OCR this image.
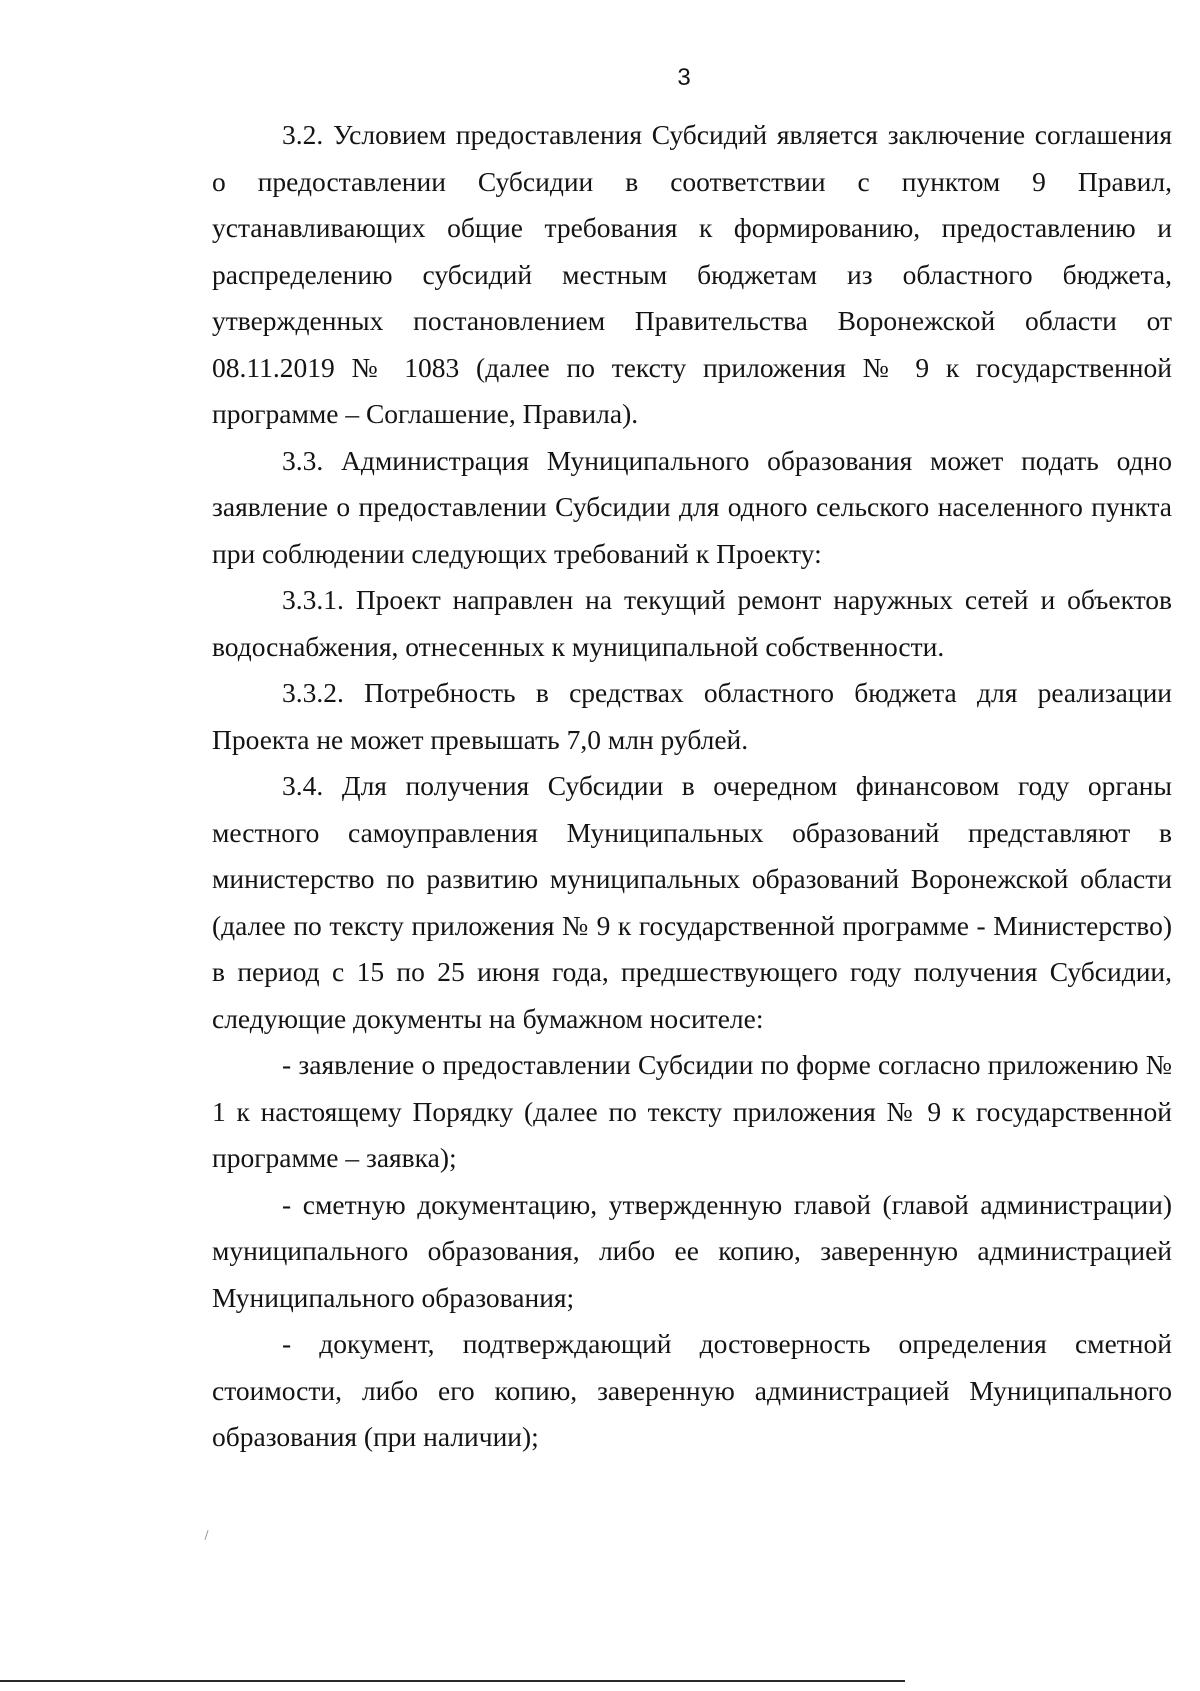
3

3.2. Условием предоставления Субсидий является заключение соглашения о предоставлении Субсидии в соответствии с пунктом 9 Правил, устанавливающих общие требования к формированию, предоставлению и распределению субсидий местным бюджетам из областного бюджета, утвержденных постановлением Правительства Воронежской области от 08.11.2019 № 1083 (далее по тексту приложения № 9 к государственной программе – Соглашение, Правила).

3.3. Администрация Муниципального образования может подать одно заявление о предоставлении Субсидии для одного сельского населенного пункта при соблюдении следующих требований к Проекту:

3.3.1. Проект направлен на текущий ремонт наружных сетей и объектов водоснабжения, отнесенных к муниципальной собственности.

3.3.2. Потребность в средствах областного бюджета для реализации Проекта не может превышать 7,0 млн рублей.

3.4. Для получения Субсидии в очередном финансовом году органы местного самоуправления Муниципальных образований представляют в министерство по развитию муниципальных образований Воронежской области (далее по тексту приложения № 9 к государственной программе - Министерство) в период с 15 по 25 июня года, предшествующего году получения Субсидии, следующие документы на бумажном носителе:

- заявление о предоставлении Субсидии по форме согласно приложению № 1 к настоящему Порядку (далее по тексту приложения № 9 к государственной программе – заявка);

- сметную документацию, утвержденную главой (главой администрации) муниципального образования, либо ее копию, заверенную администрацией Муниципального образования;

- документ, подтверждающий достоверность определения сметной стоимости, либо его копию, заверенную администрацией Муниципального образования (при наличии);
